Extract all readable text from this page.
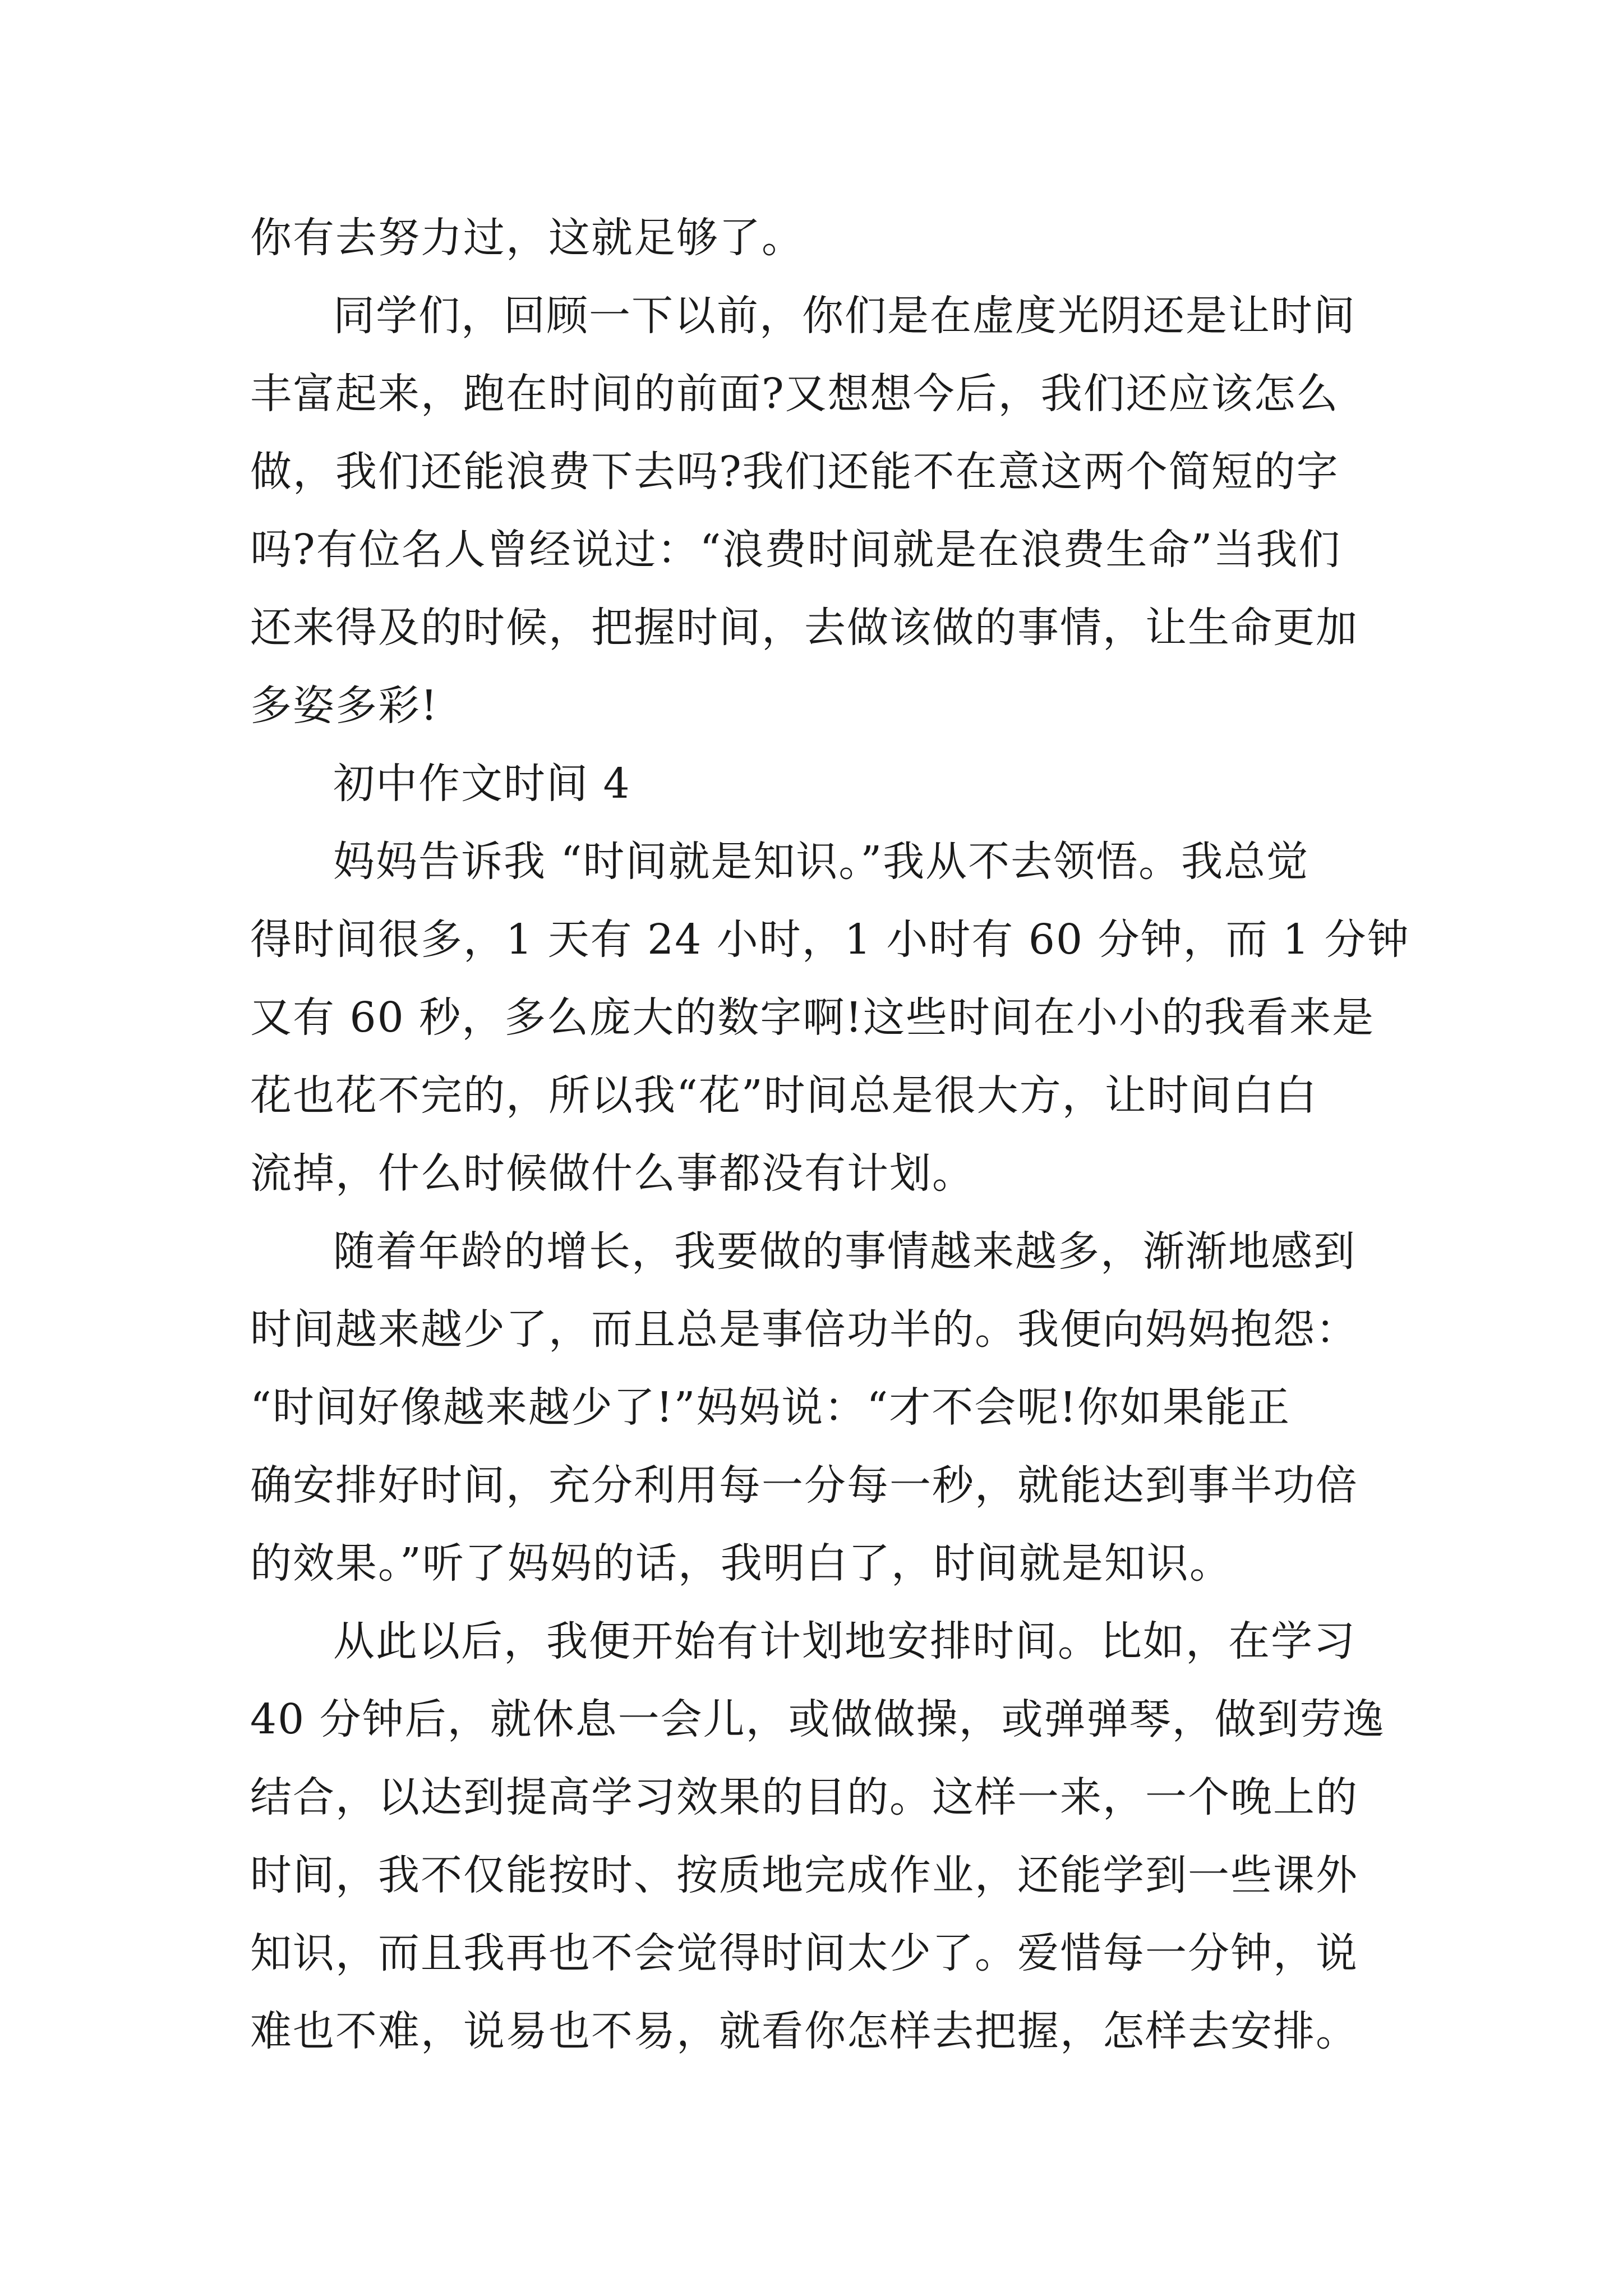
你有去努力过，这就足够了。
同学们，回顾一下以前，你们是在虚度光阴还是让时间
丰富起来，跑在时间的前面?又想想今后，我们还应该怎么
做，我们还能浪费下去吗?我们还能不在意这两个简短的字
吗?有位名人曾经说过：“浪费时间就是在浪费生命”当我们
还来得及的时候，把握时间，去做该做的事情，让生命更加
多姿多彩!
初中作文时间 4
妈妈告诉我 “时间就是知识。”我从不去领悟。我总觉
得时间很多，1 天有 24 小时，1 小时有 60 分钟，而 1 分钟
又有 60 秒，多么庞大的数字啊!这些时间在小小的我看来是
花也花不完的，所以我“花”时间总是很大方，让时间白白
流掉，什么时候做什么事都没有计划。
随着年龄的增长，我要做的事情越来越多，渐渐地感到
时间越来越少了，而且总是事倍功半的。我便向妈妈抱怨：
“时间好像越来越少了!”妈妈说：“才不会呢!你如果能正
确安排好时间，充分利用每一分每一秒，就能达到事半功倍
的效果。”听了妈妈的话，我明白了，时间就是知识。
从此以后，我便开始有计划地安排时间。比如，在学习
40 分钟后，就休息一会儿，或做做操，或弹弹琴，做到劳逸
结合，以达到提高学习效果的目的。这样一来，一个晚上的
时间，我不仅能按时、按质地完成作业，还能学到一些课外
知识，而且我再也不会觉得时间太少了。爱惜每一分钟，说
难也不难，说易也不易，就看你怎样去把握，怎样去安排。
